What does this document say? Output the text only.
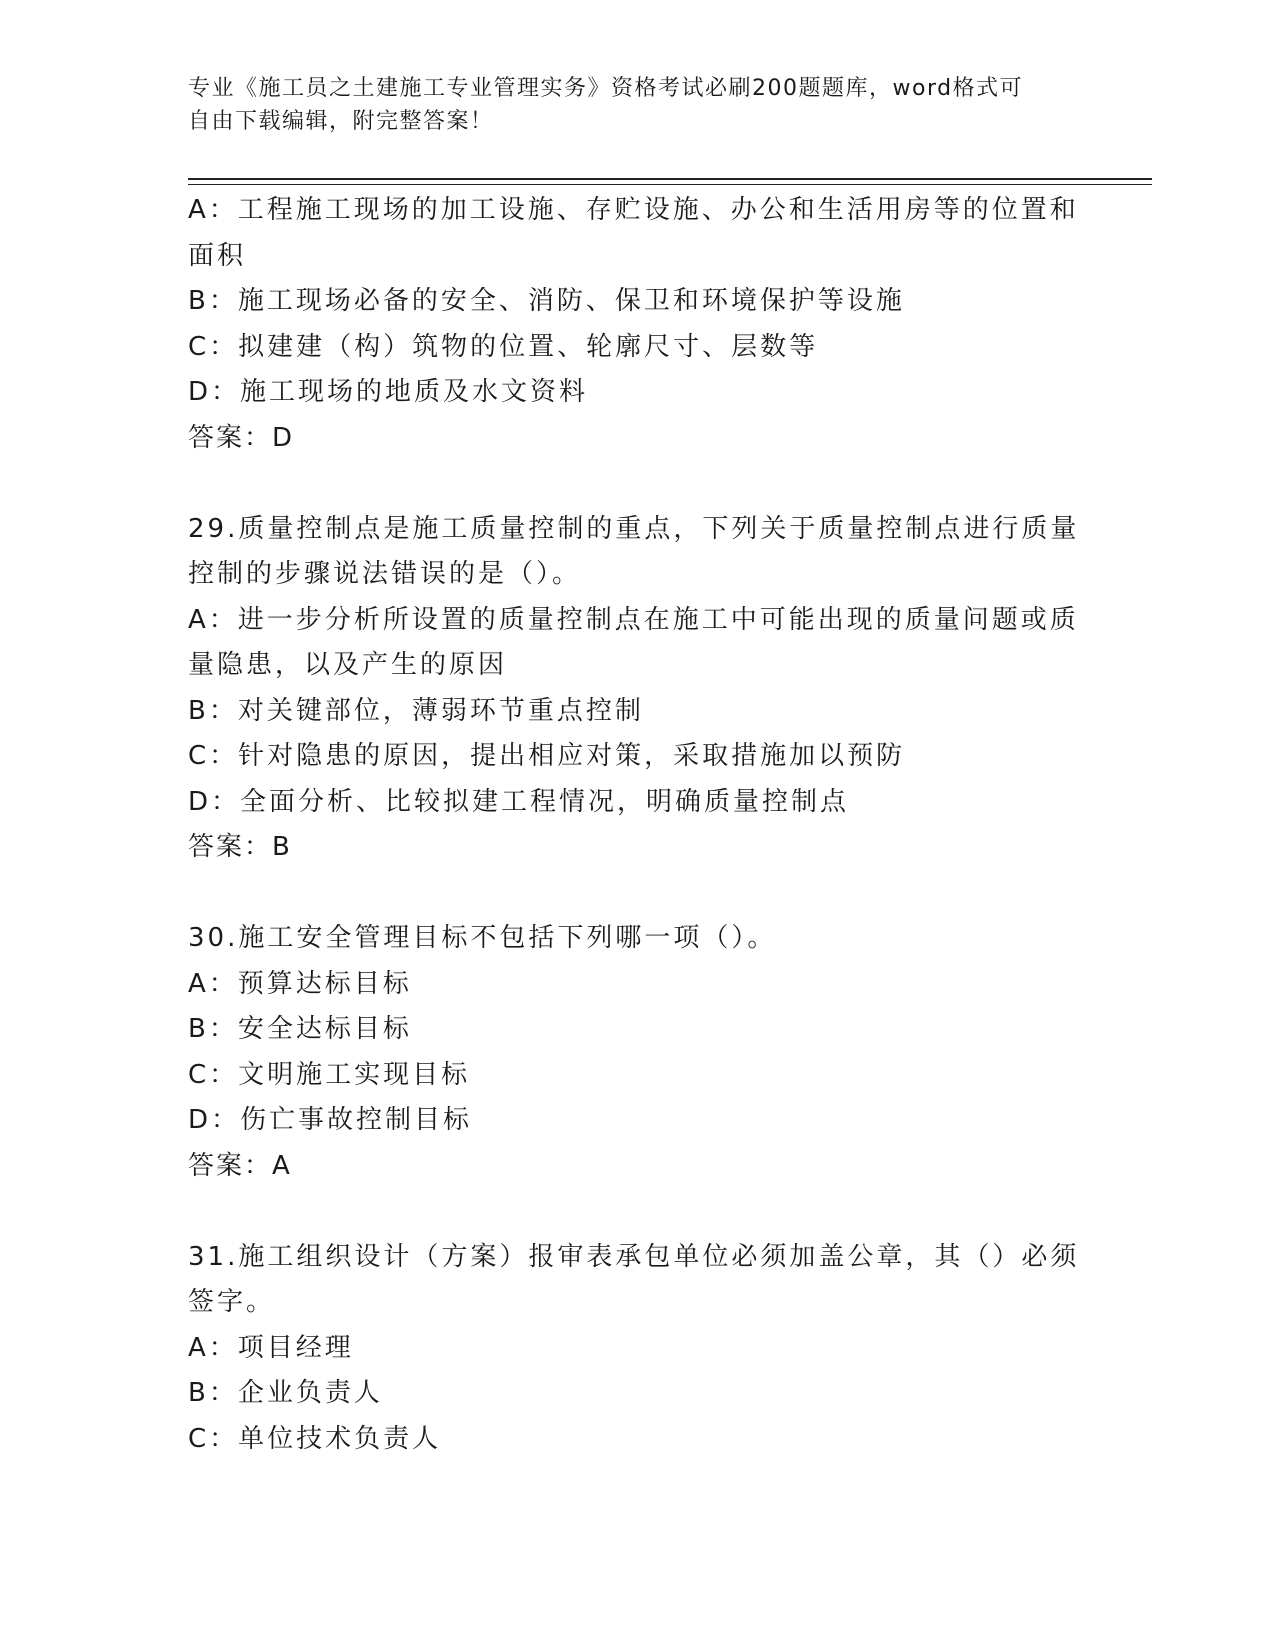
专业《施工员之土建施工专业管理实务》资格考试必刷200题题库，word格式可
自由下载编辑，附完整答案！
A：工程施工现场的加工设施、存贮设施、办公和生活用房等的位置和
面积
B：施工现场必备的安全、消防、保卫和环境保护等设施
C：拟建建（构）筑物的位置、轮廓尺寸、层数等
D：施工现场的地质及水文资料
答案：D
29.质量控制点是施工质量控制的重点，下列关于质量控制点进行质量
控制的步骤说法错误的是（）。
A：进一步分析所设置的质量控制点在施工中可能出现的质量问题或质
量隐患，以及产生的原因
B：对关键部位，薄弱环节重点控制
C：针对隐患的原因，提出相应对策，采取措施加以预防
D：全面分析、比较拟建工程情况，明确质量控制点
答案：B
30.施工安全管理目标不包括下列哪一项（）。
A：预算达标目标
B：安全达标目标
C：文明施工实现目标
D：伤亡事故控制目标
答案：A
31.施工组织设计（方案）报审表承包单位必须加盖公章，其（）必须
签字。
A：项目经理
B：企业负责人
C：单位技术负责人
